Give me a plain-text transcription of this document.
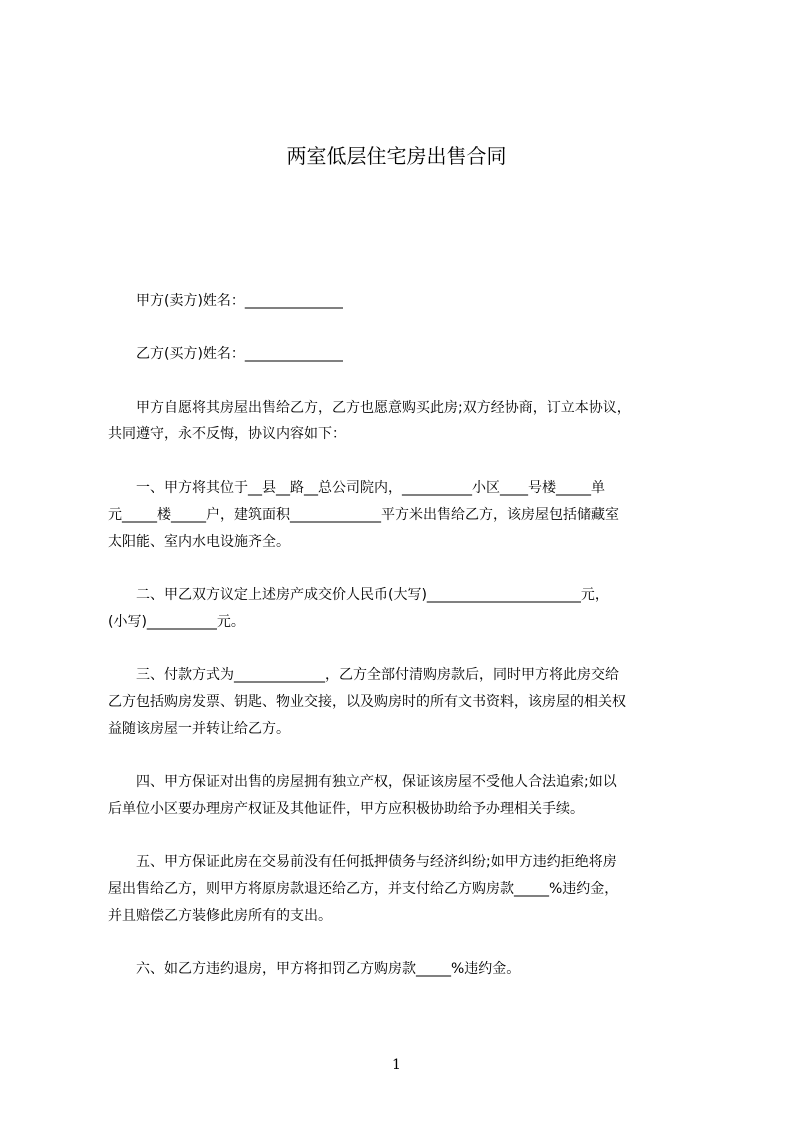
两室低层住宅房出售合同

甲方(卖方)姓名：______________

乙方(买方)姓名：______________

甲方自愿将其房屋出售给乙方，乙方也愿意购买此房;双方经协商，订立本协议，

共同遵守，永不反悔，协议内容如下：

一、甲方将其位于__县__路__总公司院内，__________小区____号楼_____单

元_____楼_____户，建筑面积_____________平方米出售给乙方，该房屋包括储藏室

太阳能、室内水电设施齐全。

二、甲乙双方议定上述房产成交价人民币(大写)______________________元，

(小写)__________元。

三、付款方式为_____________，乙方全部付清购房款后，同时甲方将此房交给

乙方包括购房发票、钥匙、物业交接，以及购房时的所有文书资料，该房屋的相关权

益随该房屋一并转让给乙方。

四、甲方保证对出售的房屋拥有独立产权，保证该房屋不受他人合法追索;如以

后单位小区要办理房产权证及其他证件，甲方应积极协助给予办理相关手续。

五、甲方保证此房在交易前没有任何抵押债务与经济纠纷;如甲方违约拒绝将房

屋出售给乙方，则甲方将原房款退还给乙方，并支付给乙方购房款_____%违约金，

并且赔偿乙方装修此房所有的支出。

六、如乙方违约退房，甲方将扣罚乙方购房款_____%违约金。

1
